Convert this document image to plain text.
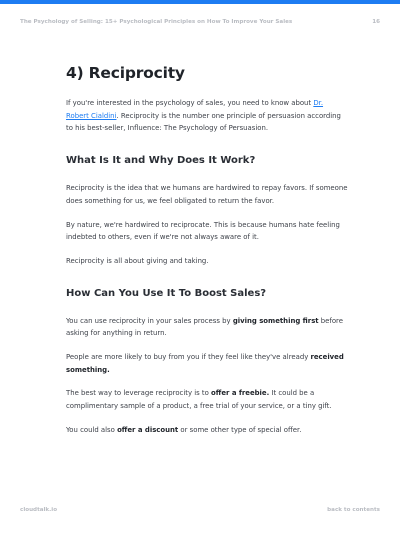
The Psychology of Selling: 15+ Psychological Principles on How To Improve Your Sales	16
4) Reciprocity

If you're interested in the psychology of sales, you need to know about Dr. Robert Cialdini. Reciprocity is the number one principle of persuasion according to his best-seller, Influence: The Psychology of Persuasion.

What Is It and Why Does It Work?

Reciprocity is the idea that we humans are hardwired to repay favors. If someone does something for us, we feel obligated to return the favor.

By nature, we're hardwired to reciprocate. This is because humans hate feeling indebted to others, even if we're not always aware of it.

Reciprocity is all about giving and taking.

How Can You Use It To Boost Sales?

You can use reciprocity in your sales process by giving something first before asking for anything in return.

People are more likely to buy from you if they feel like they've already received something.

The best way to leverage reciprocity is to offer a freebie. It could be a complimentary sample of a product, a free trial of your service, or a tiny gift.

You could also offer a discount or some other type of special offer.

cloudtalk.io	back to contents
